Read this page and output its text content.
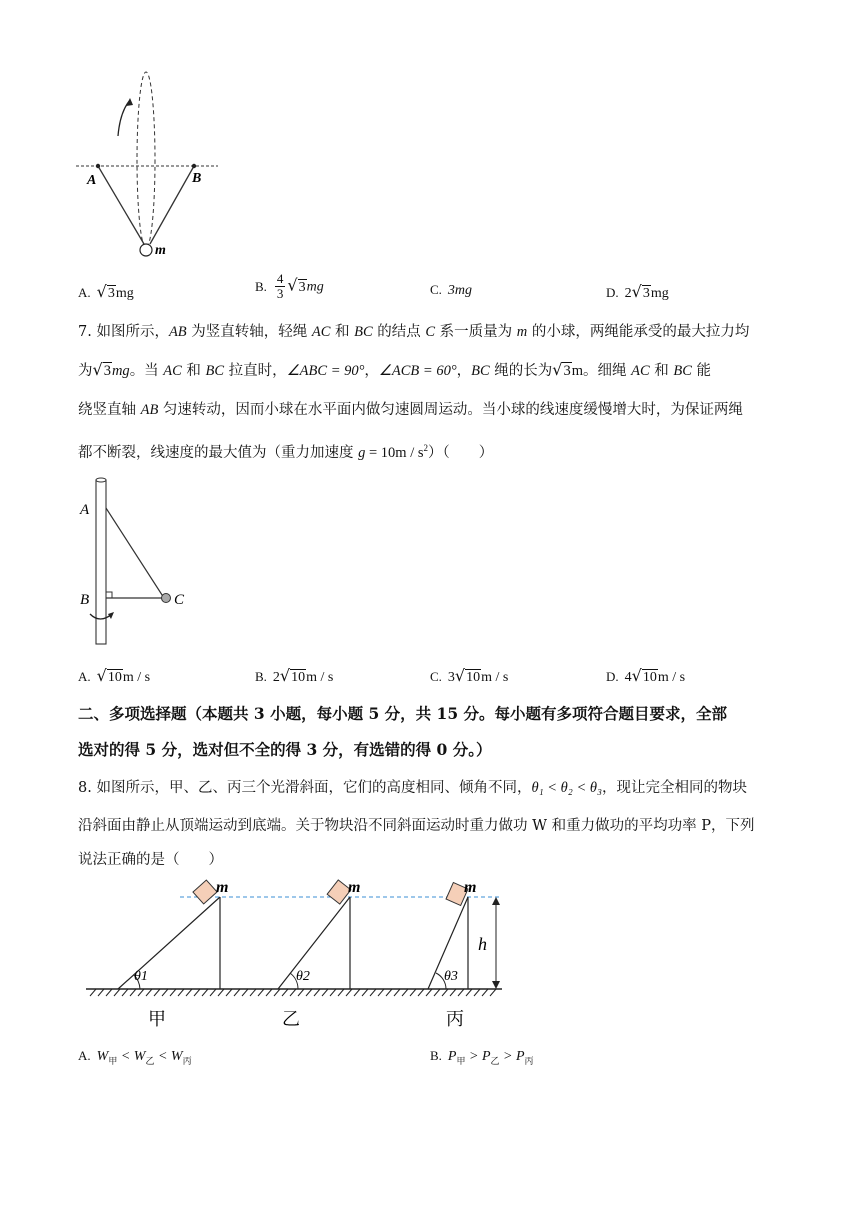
A	B
m
A. √3mg	B. $\frac{4}{3} √3mg$	C. 3mg	D. 2√3mg
7. 如图所示，AB 为竖直转轴，轻绳 AC 和 BC 的结点 C 系一质量为 m 的小球，两绳能承受的最大拉力均
为√3mg。当 AC 和 BC 拉直时，∠ABC = 90°，∠ACB = 60°，BC 绳的长为√3m。细绳 AC 和 BC 能
绕竖直轴 AB 匀速转动，因而小球在水平面内做匀速圆周运动。当小球的线速度缓慢增大时，为保证两绳
都不断裂，线速度的最大值为（重力加速度 $g = 10m / s^2$）（　　）
A
B	C
A. √10m / s	B. 2√10m / s	C. 3√10m / s	D. 4√10m / s
二、多项选择题（本题共 3 小题，每小题 5 分，共 15 分。每小题有多项符合题目要求，全部
选对的得 5 分，选对但不全的得 3 分，有选错的得 0 分。）
8. 如图所示，甲、乙、丙三个光滑斜面，它们的高度相同、倾角不同，θ₁ < θ₂ < θ₃，现让完全相同的物块
沿斜面由静止从顶端运动到底端。关于物块沿不同斜面运动时重力做功 W 和重力做功的平均功率 P，下列
说法正确的是（　　）
m
θ1
m
θ2
m
θ3
h
甲	乙	丙
A. $W_甲 < W_乙 < W_丙$	B. $P_甲 > P_乙 > P_丙$
